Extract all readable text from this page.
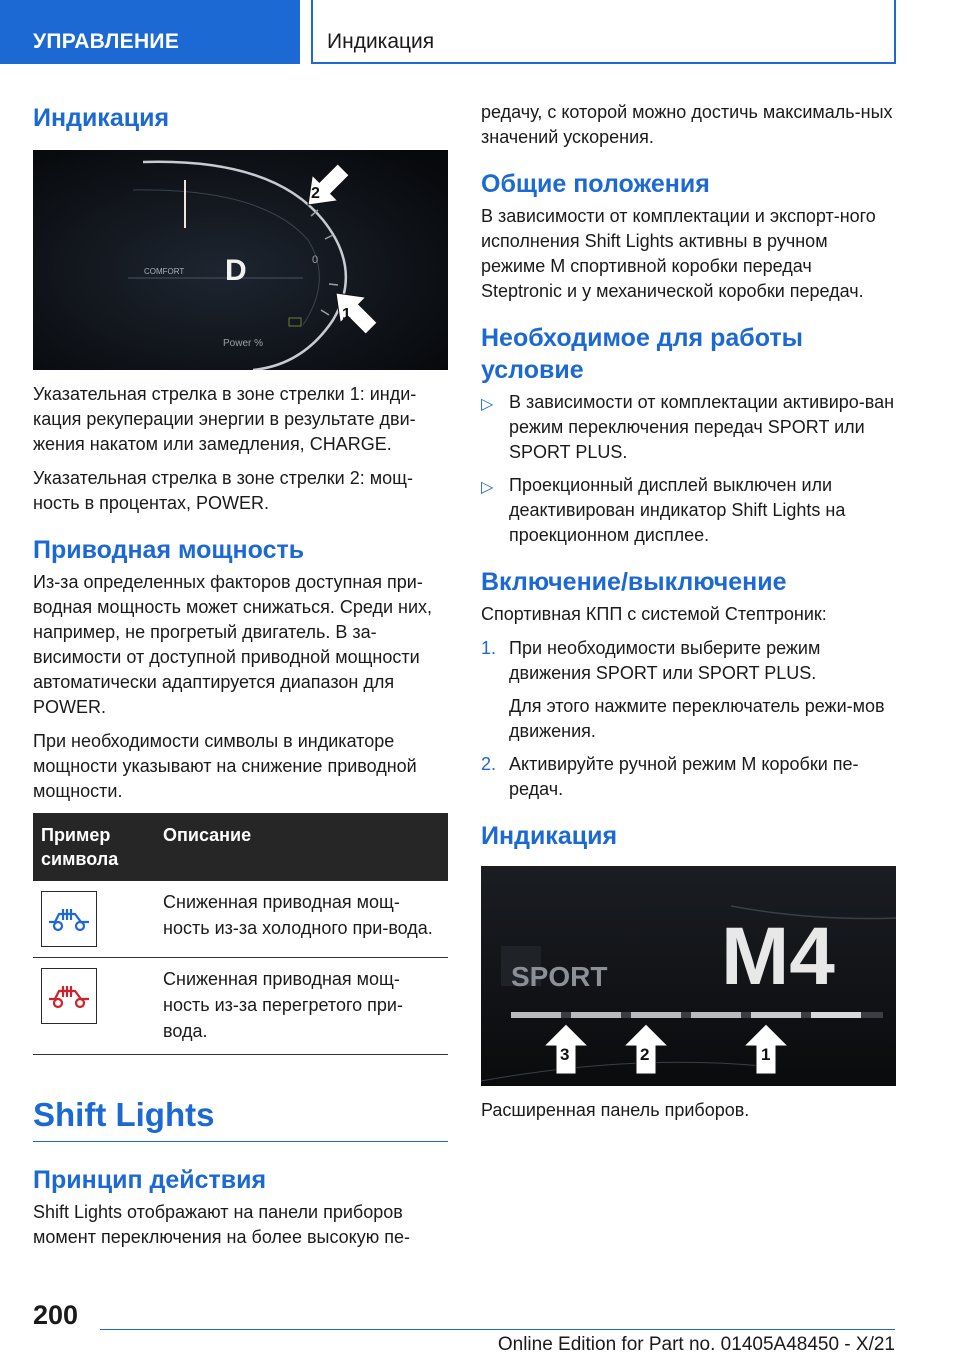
УПРАВЛЕНИЕ	Индикация
Индикация
COMFORT D
Power %
0
2
1

Указательная стрелка в зоне стрелки 1: инди-кация рекуперации энергии в результате дви-жения накатом или замедления, CHARGE.

Указательная стрелка в зоне стрелки 2: мощ-ность в процентах, POWER.

Приводная мощность

Из-за определенных факторов доступная при-водная мощность может снижаться. Среди них, например, не прогретый двигатель. В за-висимости от доступной приводной мощности автоматически адаптируется диапазон для POWER.

При необходимости символы в индикаторе мощности указывают на снижение приводной мощности.

Пример символа	Описание

	Сниженная приводная мощ-ность из-за холодного при-вода.

	Сниженная приводная мощ-ность из-за перегретого при-вода.
Shift Lights
Принцип действия

Shift Lights отображают на панели приборов момент переключения на более высокую пе-

редачу, с которой можно достичь максималь-ных значений ускорения.

Общие положения

В зависимости от комплектации и экспорт-ного исполнения Shift Lights активны в ручном режиме M спортивной коробки передач Steptronic и у механической коробки передач.

Необходимое для работы условие
▷ В зависимости от комплектации активиро-ван режим переключения передач SPORT или SPORT PLUS.
▷ Проекционный дисплей выключен или деактивирован индикатор Shift Lights на проекционном дисплее.
Включение/выключение

Спортивная КПП с системой Стептроник:

1. При необходимости выберите режим движения SPORT или SPORT PLUS.
Для этого нажмите переключатель режи-мов движения.
2. Активируйте ручной режим M коробки пе-редач.
Индикация
SPORT M4
3	2	1

Расширенная панель приборов.

200
Online Edition for Part no. 01405A48450 - X/21
